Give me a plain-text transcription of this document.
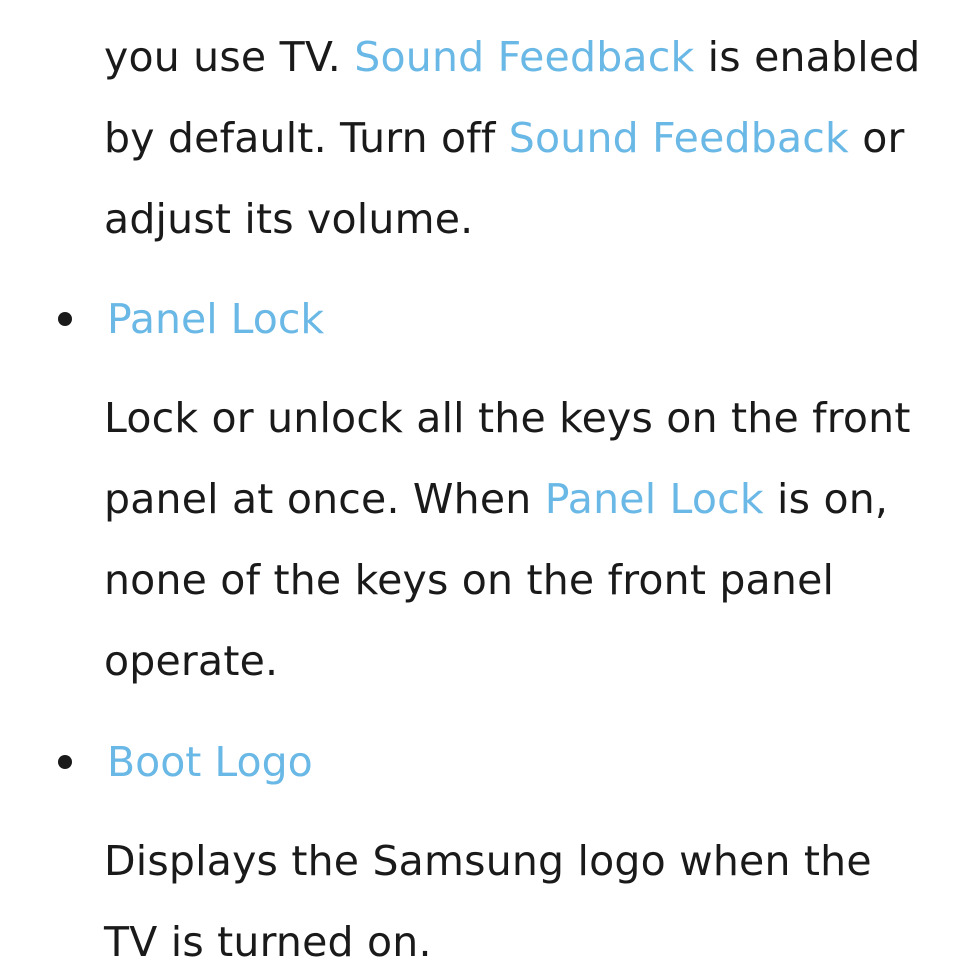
you use TV. Sound Feedback is enabled
by default. Turn off Sound Feedback or
adjust its volume.
Panel Lock
Lock or unlock all the keys on the front
panel at once. When Panel Lock is on,
none of the keys on the front panel
operate.
Boot Logo
Displays the Samsung logo when the
TV is turned on.
